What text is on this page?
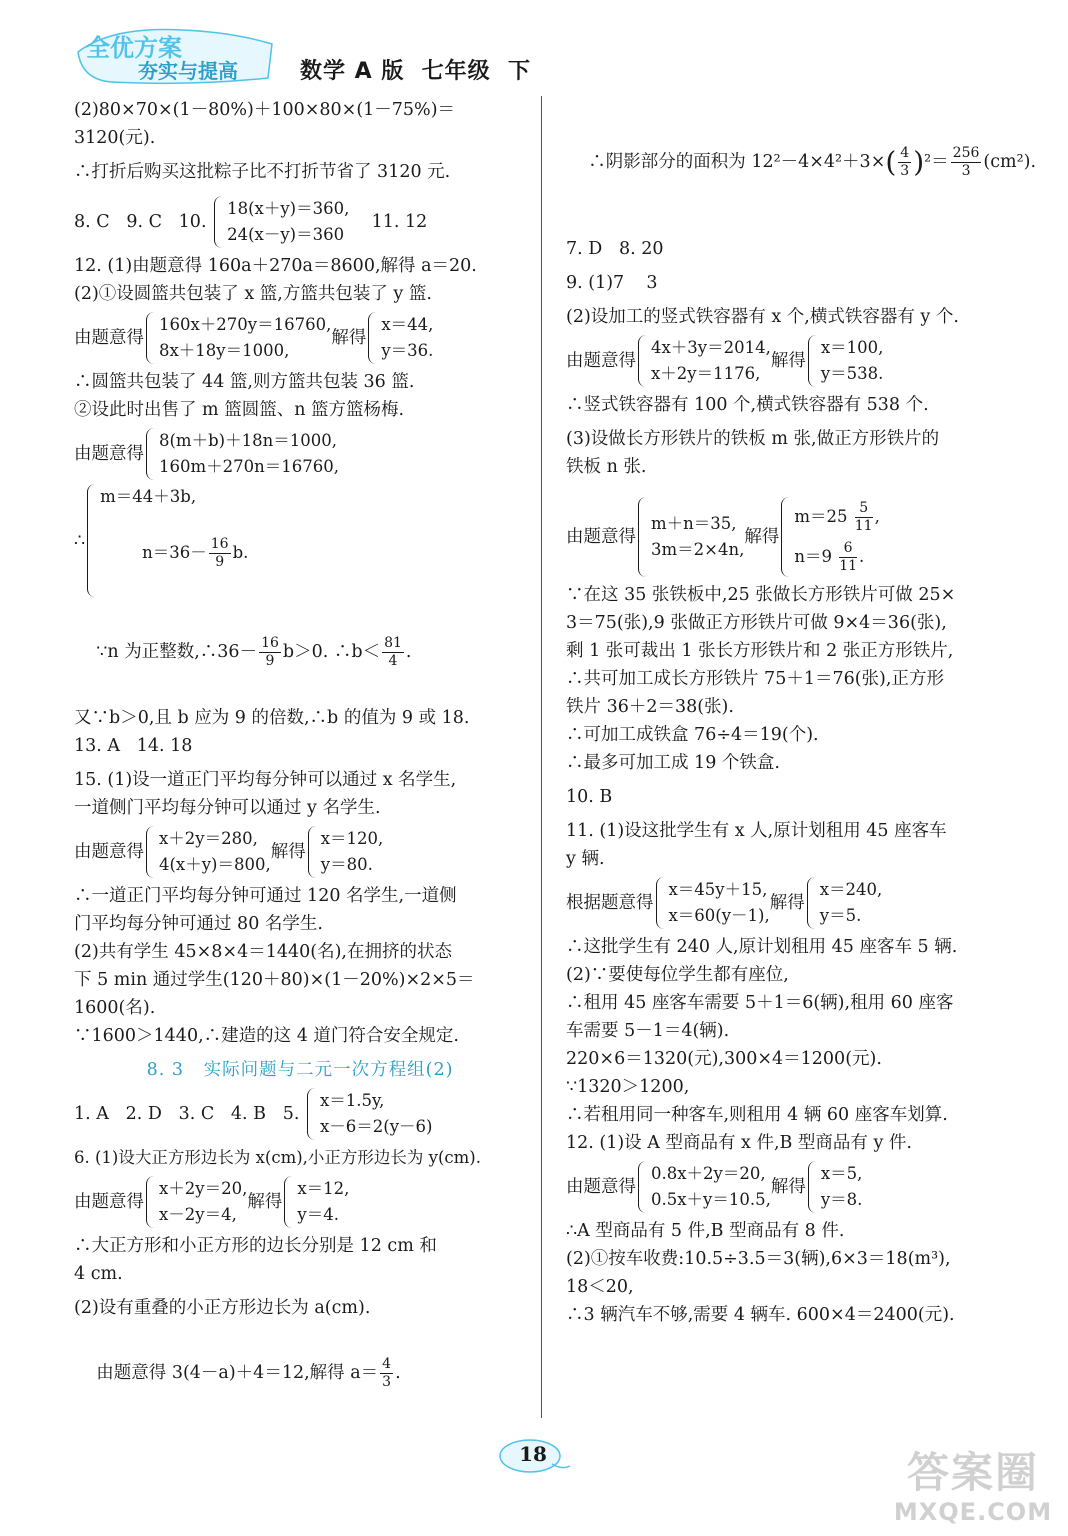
全优方案
夯实与提高	数学 A 版  七年级  下
(2)80×70×(1－80%)＋100×80×(1－75%)＝
3120(元).
∴打折后购买这批粽子比不打折节省了 3120 元.
8. C   9. C   10.
18(x＋y)＝360,
24(x－y)＝360
11. 12
12. (1)由题意得 160a＋270a＝8600,解得 a＝20.
(2)①设圆篮共包装了 x 篮,方篮共包装了 y 篮.
由题意得
160x＋270y＝16760,
8x＋18y＝1000,
解得
x＝44,
y＝36.
∴圆篮共包装了 44 篮,则方篮共包装 36 篮.
②设此时出售了 m 篮圆篮、n 篮方篮杨梅.
由题意得
8(m＋b)＋18n＝1000,
160m＋270n＝16760,
∴
m＝44＋3b,

$n=36- \frac{16}{9} b$.

∵n 为正整数,∴36－ $\frac{16}{9} b>0$. ∴b＜ $\frac{81}{4}$ .

又∵b＞0,且 b 应为 9 的倍数,∴b 的值为 9 或 18.
13. A   14. 18
15. (1)设一道正门平均每分钟可以通过 x 名学生,
一道侧门平均每分钟可以通过 y 名学生.
由题意得
x＋2y＝280,
4(x＋y)＝800,
解得
x＝120,
y＝80.
∴一道正门平均每分钟可通过 120 名学生,一道侧
门平均每分钟可通过 80 名学生.
(2)共有学生 45×8×4＝1440(名),在拥挤的状态
下 5 min 通过学生(120＋80)×(1－20%)×2×5＝
1600(名).
∵1600＞1440,∴建造的这 4 道门符合安全规定.
8. 3   实际问题与二元一次方程组(2)
1. A   2. D   3. C   4. B   5.
x＝1.5y,
x－6＝2(y－6)
6. (1)设大正方形边长为 x(cm),小正方形边长为 y(cm).
由题意得
x＋2y＝20,
x－2y＝4,
解得
x＝12,
y＝4.
∴大正方形和小正方形的边长分别是 12 cm 和
4 cm.
(2)设有重叠的小正方形边长为 a(cm).

由题意得 3(4－a)＋4＝12,解得 $a= \frac{4}{3}$ .

∴阴影部分的面积为 $12^2-4\times 4^2+3\times( \frac{4}{3} )^2= \frac{256}{3} (cm^2)$.

7. D   8. 20
9. (1)7    3
(2)设加工的竖式铁容器有 x 个,横式铁容器有 y 个.
由题意得
4x＋3y＝2014,
x＋2y＝1176,
解得
x＝100,
y＝538.
∴竖式铁容器有 100 个,横式铁容器有 538 个.
(3)设做长方形铁片的铁板 m 张,做正方形铁片的
铁板 n 张.
由题意得
m＋n＝35,
3m＝2×4n,
解得
$m=25 \frac{5}{11}$ ,
$n=9 \frac{6}{11}$ .
∵在这 35 张铁板中,25 张做长方形铁片可做 25×
3＝75(张),9 张做正方形铁片可做 9×4＝36(张),
剩 1 张可裁出 1 张长方形铁片和 2 张正方形铁片,
∴共可加工成长方形铁片 75＋1＝76(张),正方形
铁片 36＋2＝38(张).
∴可加工成铁盒 76÷4＝19(个).
∴最多可加工成 19 个铁盒.
10. B
11. (1)设这批学生有 x 人,原计划租用 45 座客车
y 辆.
根据题意得
x＝45y＋15,
x＝60(y－1),
解得
x＝240,
y＝5.
∴这批学生有 240 人,原计划租用 45 座客车 5 辆.
(2)∵要使每位学生都有座位,
∴租用 45 座客车需要 5＋1＝6(辆),租用 60 座客
车需要 5－1＝4(辆).
220×6＝1320(元),300×4＝1200(元).
∵1320＞1200,
∴若租用同一种客车,则租用 4 辆 60 座客车划算.
12. (1)设 A 型商品有 x 件,B 型商品有 y 件.
由题意得
0.8x＋2y＝20,
0.5x＋y＝10.5,
解得
x＝5,
y＝8.
∴A 型商品有 5 件,B 型商品有 8 件.
(2)①按车收费:10.5÷3.5＝3(辆),6×3＝18(m³),
18＜20,
∴3 辆汽车不够,需要 4 辆车. 600×4＝2400(元).
18	答案圈
MXQE.COM
